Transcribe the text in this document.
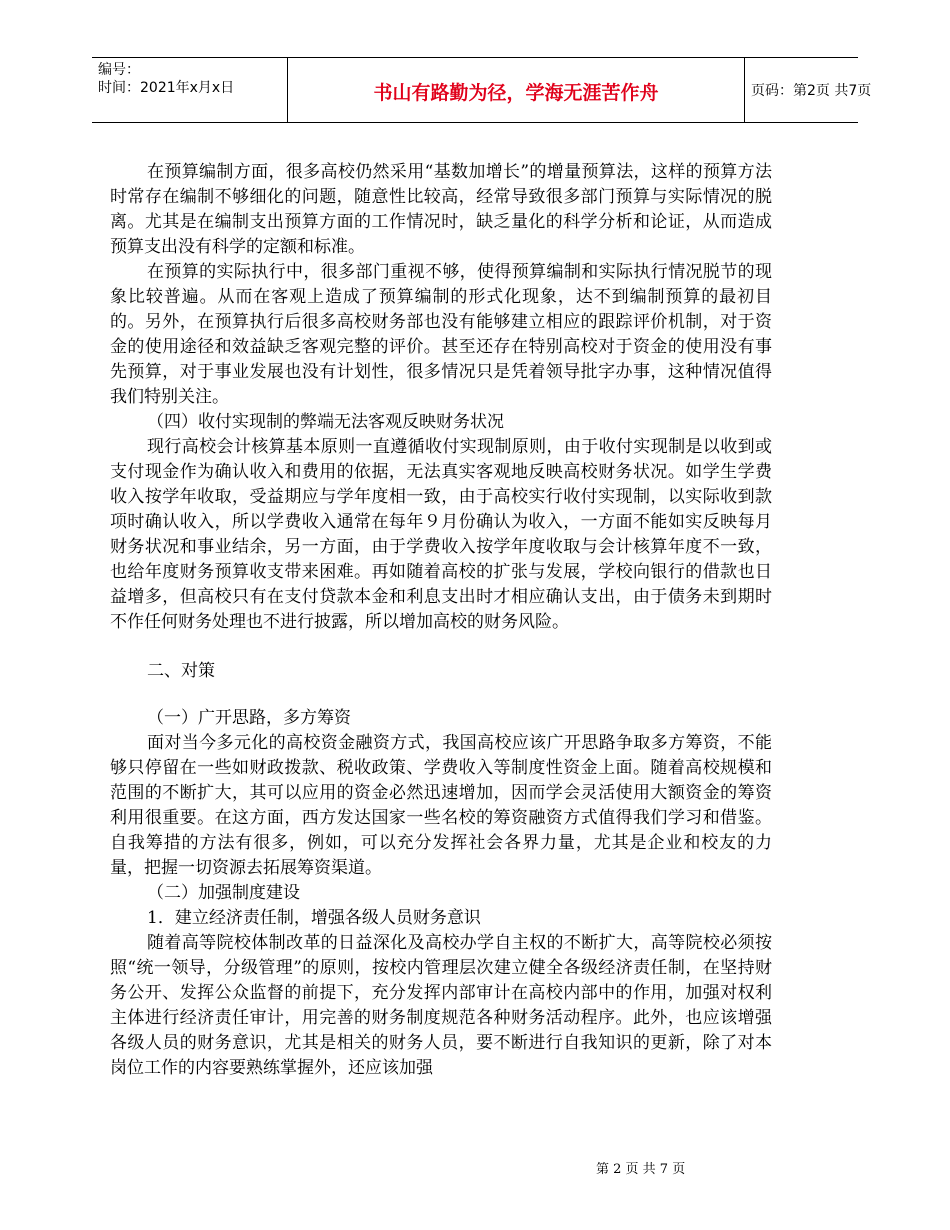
编号：
时间：2021年x月x日	书山有路勤为径，学海无涯苦作舟	页码：第2页 共7页

在预算编制方面，很多高校仍然采用“基数加增长”的增量预算法，这样的预算方法时常存在编制不够细化的问题，随意性比较高，经常导致很多部门预算与实际情况的脱离。尤其是在编制支出预算方面的工作情况时，缺乏量化的科学分析和论证，从而造成预算支出没有科学的定额和标准。

在预算的实际执行中，很多部门重视不够，使得预算编制和实际执行情况脱节的现象比较普遍。从而在客观上造成了预算编制的形式化现象，达不到编制预算的最初目的。另外，在预算执行后很多高校财务部也没有能够建立相应的跟踪评价机制，对于资金的使用途径和效益缺乏客观完整的评价。甚至还存在特别高校对于资金的使用没有事先预算，对于事业发展也没有计划性，很多情况只是凭着领导批字办事，这种情况值得我们特别关注。

（四）收付实现制的弊端无法客观反映财务状况

现行高校会计核算基本原则一直遵循收付实现制原则，由于收付实现制是以收到或支付现金作为确认收入和费用的依据，无法真实客观地反映高校财务状况。如学生学费收入按学年收取，受益期应与学年度相一致，由于高校实行收付实现制，以实际收到款项时确认收入，所以学费收入通常在每年９月份确认为收入，一方面不能如实反映每月财务状况和事业结余，另一方面，由于学费收入按学年度收取与会计核算年度不一致，也给年度财务预算收支带来困难。再如随着高校的扩张与发展，学校向银行的借款也日益增多，但高校只有在支付贷款本金和利息支出时才相应确认支出，由于债务未到期时不作任何财务处理也不进行披露，所以增加高校的财务风险。

二、对策

（一）广开思路，多方筹资

面对当今多元化的高校资金融资方式，我国高校应该广开思路争取多方筹资，不能够只停留在一些如财政拨款、税收政策、学费收入等制度性资金上面。随着高校规模和范围的不断扩大，其可以应用的资金必然迅速增加，因而学会灵活使用大额资金的筹资利用很重要。在这方面，西方发达国家一些名校的筹资融资方式值得我们学习和借鉴。自我筹措的方法有很多，例如，可以充分发挥社会各界力量，尤其是企业和校友的力量，把握一切资源去拓展筹资渠道。

（二）加强制度建设

1．建立经济责任制，增强各级人员财务意识

随着高等院校体制改革的日益深化及高校办学自主权的不断扩大，高等院校必须按照“统一领导，分级管理”的原则，按校内管理层次建立健全各级经济责任制，在坚持财务公开、发挥公众监督的前提下，充分发挥内部审计在高校内部中的作用，加强对权利主体进行经济责任审计，用完善的财务制度规范各种财务活动程序。此外，也应该增强各级人员的财务意识，尤其是相关的财务人员，要不断进行自我知识的更新，除了对本岗位工作的内容要熟练掌握外，还应该加强

第 2 页 共 7 页
